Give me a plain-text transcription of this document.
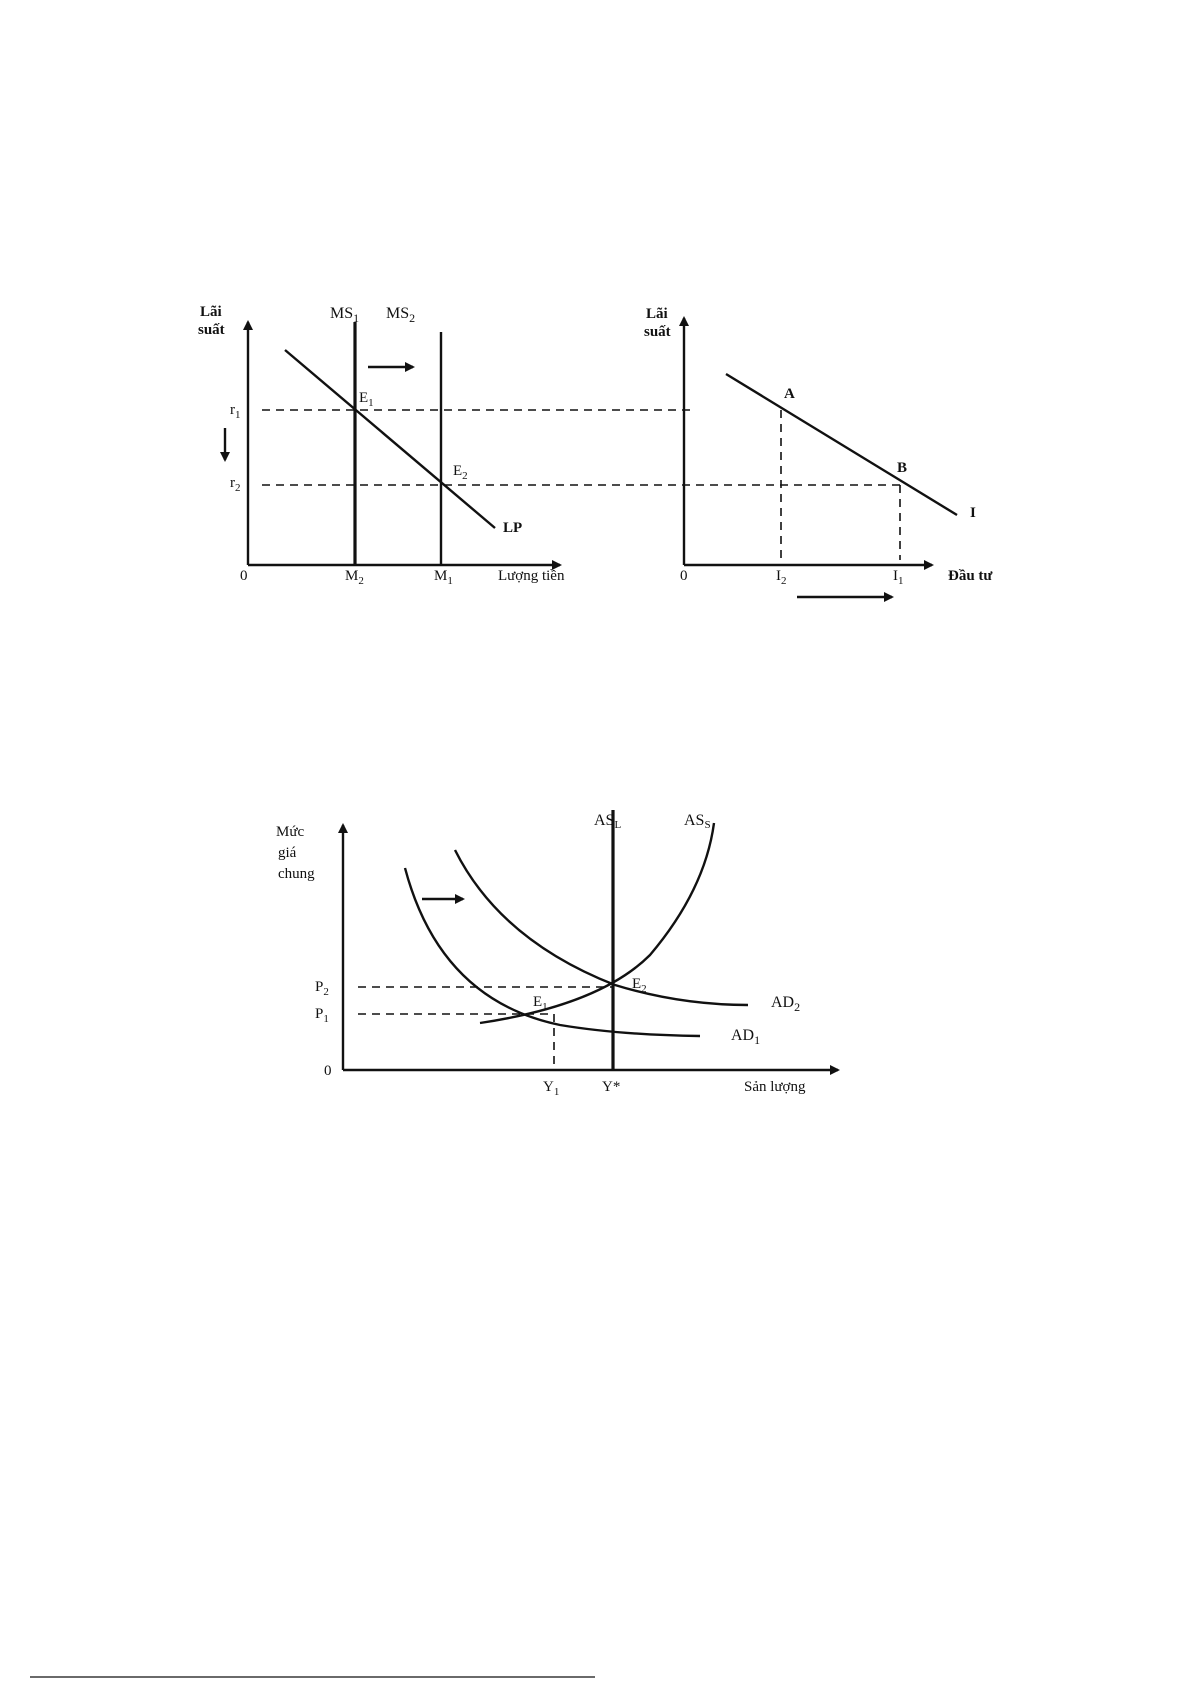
Lãi
suất
$MS_1$ $MS_2$
$E_1$
$E_2$
LP
$r_1$
$r_2$
0	$M_2$	$M_1$	Lượng tiền
Lãi
suất
A
B
I
0	$I_2$	$I_1$	Đầu tư
Mức
giá
chung
ASL	ASS
$E_2$
$E_1$	$AD_2$
$AD_1$
$P_2$
$P_1$
0
$Y_1$	Y*	Sản lượng
